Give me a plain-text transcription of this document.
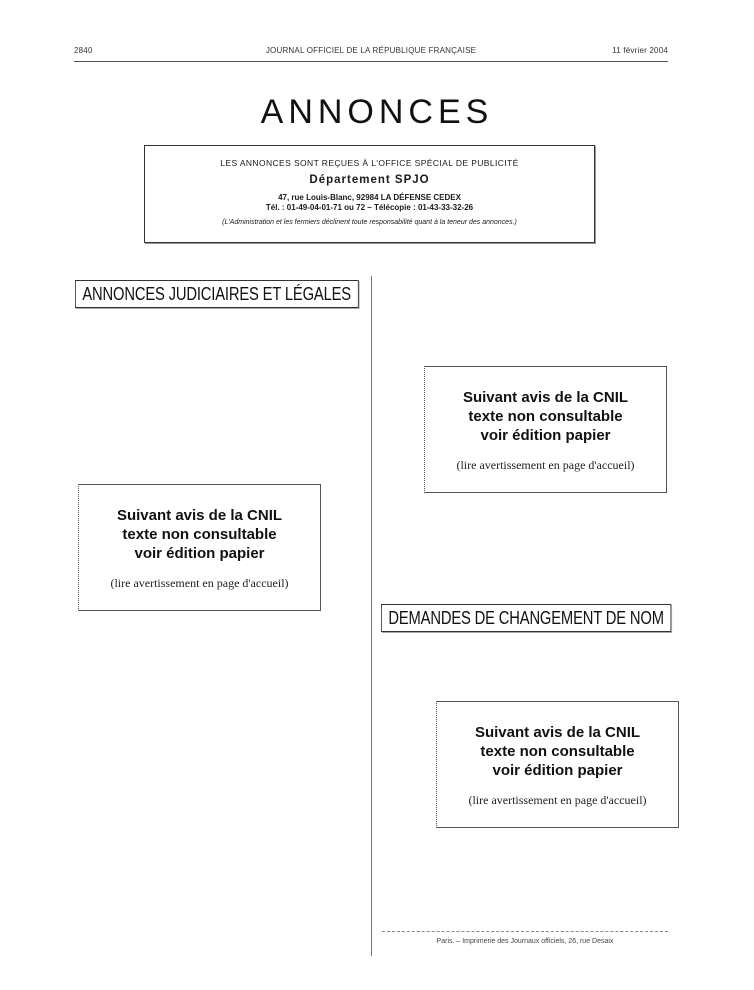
2840	JOURNAL OFFICIEL DE LA RÉPUBLIQUE FRANÇAISE	11 février 2004
ANNONCES
LES ANNONCES SONT REÇUES À L'OFFICE SPÉCIAL DE PUBLICITÉ
Département SPJO
47, rue Louis-Blanc, 92984 LA DÉFENSE CEDEX
Tél. : 01-49-04-01-71 ou 72 – Télécopie : 01-43-33-32-26
(L'Administration et les fermiers déclinent toute responsabilité quant à la teneur des annonces.)
ANNONCES JUDICIAIRES ET LÉGALES
Suivant avis de la CNIL
texte non consultable
voir édition papier
(lire avertissement en page d'accueil)
Suivant avis de la CNIL
texte non consultable
voir édition papier
(lire avertissement en page d'accueil)
DEMANDES DE CHANGEMENT DE NOM
Suivant avis de la CNIL
texte non consultable
voir édition papier
(lire avertissement en page d'accueil)
Paris. – Imprimerie des Journaux officiels, 26, rue Desaix
